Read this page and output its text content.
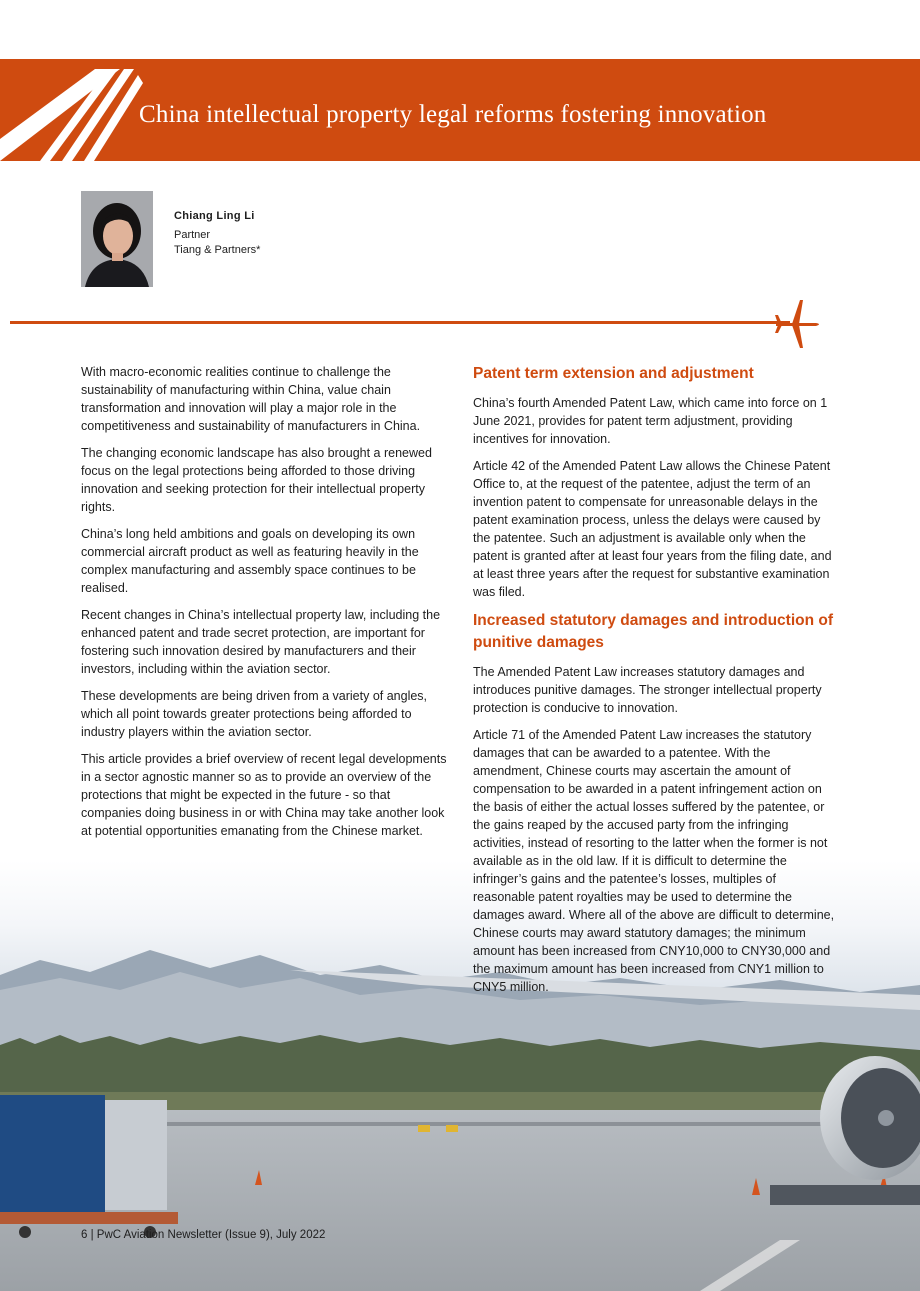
China intellectual property legal reforms fostering innovation
Chiang Ling Li
Partner
Tiang & Partners*

With macro-economic realities continue to challenge the sustainability of manufacturing within China, value chain transformation and innovation will play a major role in the competitiveness and sustainability of manufacturers in China.

The changing economic landscape has also brought a renewed focus on the legal protections being afforded to those driving innovation and seeking protection for their intellectual property rights.

China’s long held ambitions and goals on developing its own commercial aircraft product as well as featuring heavily in the complex manufacturing and assembly space continues to be realised.

Recent changes in China’s intellectual property law, including the enhanced patent and trade secret protection, are important for fostering such innovation desired by manufacturers and their investors, including within the aviation sector.

These developments are being driven from a variety of angles, which all point towards greater protections being afforded to industry players within the aviation sector.

This article provides a brief overview of recent legal developments in a sector agnostic manner so as to provide an overview of the protections that might be expected in the future - so that companies doing business in or with China may take another look at potential opportunities emanating from the Chinese market.

Patent term extension and adjustment

China’s fourth Amended Patent Law, which came into force on 1 June 2021, provides for patent term adjustment, providing incentives for innovation.

Article 42 of the Amended Patent Law allows the Chinese Patent Office to, at the request of the patentee, adjust the term of an invention patent to compensate for unreasonable delays in the patent examination process, unless the delays were caused by the patentee. Such an adjustment is available only when the patent is granted after at least four years from the filing date, and at least three years after the request for substantive examination was filed.

Increased statutory damages and introduction of punitive damages

The Amended Patent Law increases statutory damages and introduces punitive damages. The stronger intellectual property protection is conducive to innovation.

Article 71 of the Amended Patent Law increases the statutory damages that can be awarded to a patentee. With the amendment, Chinese courts may ascertain the amount of compensation to be awarded in a patent infringement action on the basis of either the actual losses suffered by the patentee, or the gains reaped by the accused party from the infringing activities, instead of resorting to the latter when the former is not available as in the old law. If it is difficult to determine the infringer’s gains and the patentee’s losses, multiples of reasonable patent royalties may be used to determine the damages award. Where all of the above are difficult to determine, Chinese courts may award statutory damages; the minimum amount has been increased from CNY10,000 to CNY30,000 and the maximum amount has been increased from CNY1 million to CNY5 million.

6 | PwC Aviation Newsletter (Issue 9), July 2022
